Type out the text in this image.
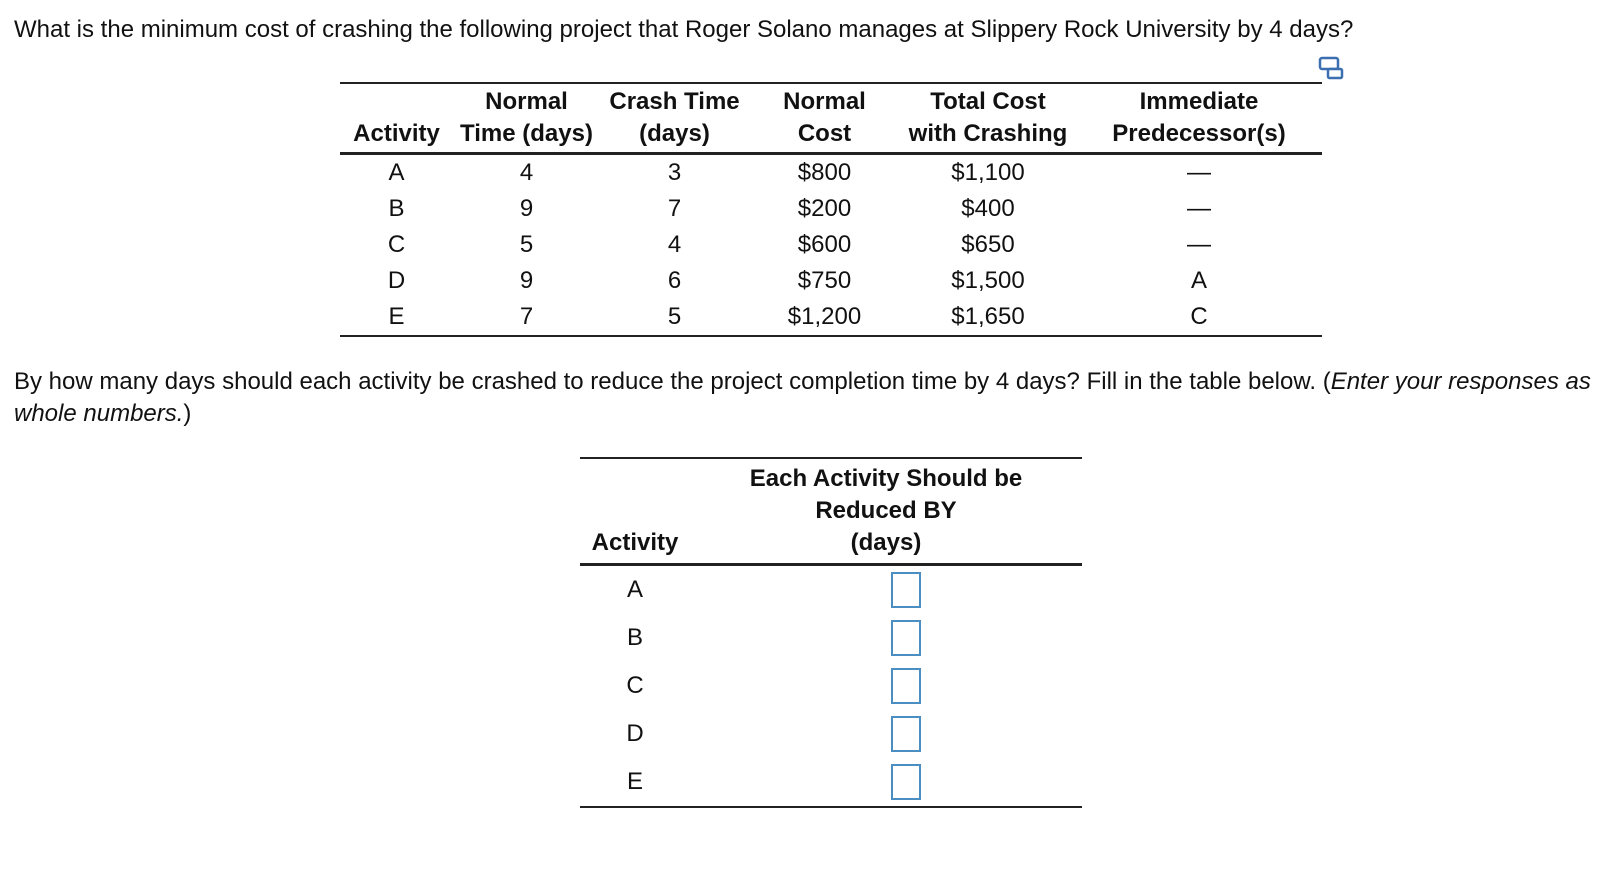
What is the minimum cost of crashing the following project that Roger Solano manages at Slippery Rock University by 4 days?
	Normal	Crash Time	Normal	Total Cost	Immediate
Activity	Time (days)	(days)	Cost	with Crashing	Predecessor(s)
A	4	3	$800	$1,100	—
B	9	7	$200	$400	—
C	5	4	$600	$650	—
D	9	6	$750	$1,500	A
E	7	5	$1,200	$1,650	C
By how many days should each activity be crashed to reduce the project completion time by 4 days? Fill in the table below. (Enter your responses as whole numbers.)
Activity	Each Activity Should be
Reduced BY
(days)

A	
B	
C	
D	
E	
